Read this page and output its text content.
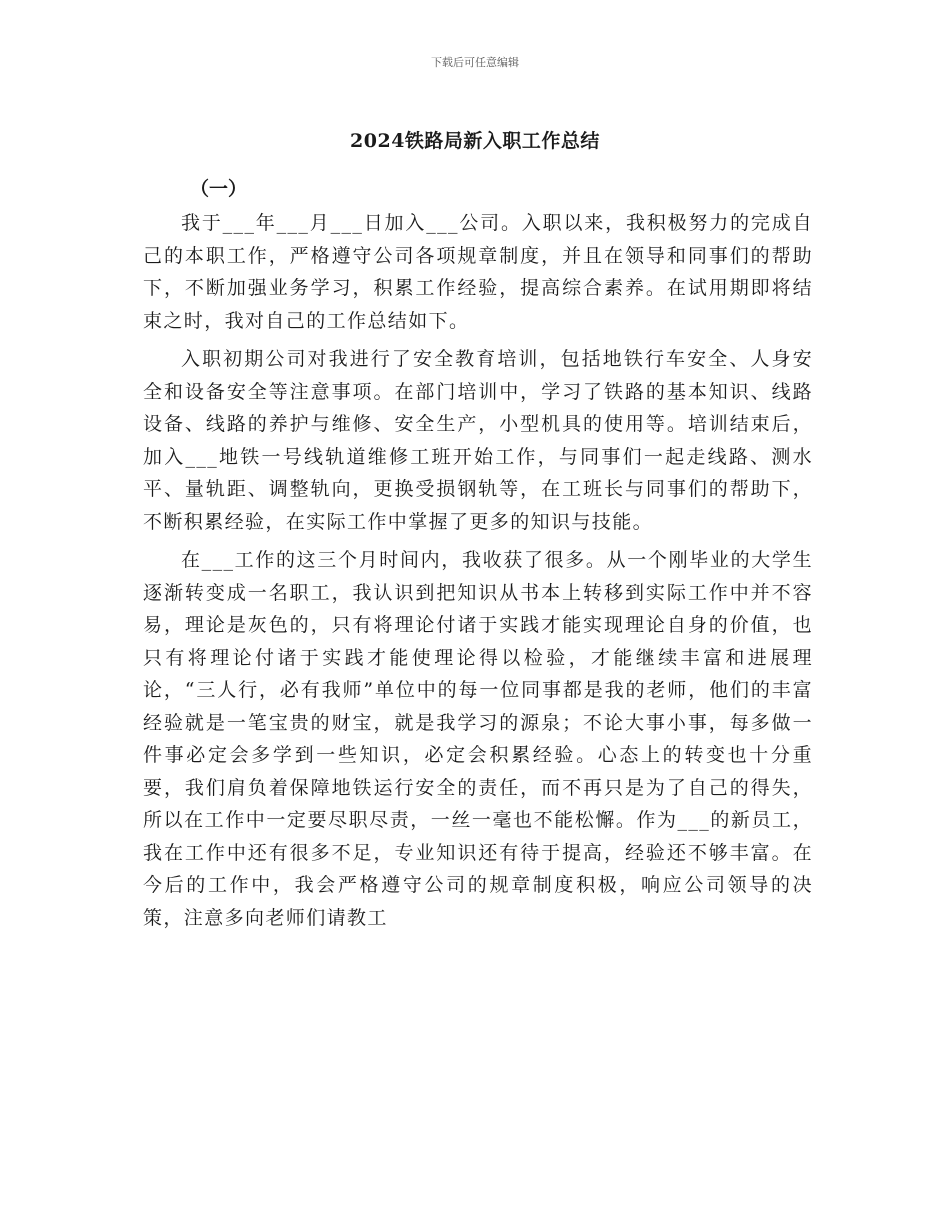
下载后可任意编辑
2024铁路局新入职工作总结
（一）

我于___年___月___日加入___公司。入职以来，我积极努力的完成自己的本职工作，严格遵守公司各项规章制度，并且在领导和同事们的帮助下，不断加强业务学习，积累工作经验，提高综合素养。在试用期即将结束之时，我对自己的工作总结如下。

入职初期公司对我进行了安全教育培训，包括地铁行车安全、人身安全和设备安全等注意事项。在部门培训中，学习了铁路的基本知识、线路设备、线路的养护与维修、安全生产，小型机具的使用等。培训结束后，加入___地铁一号线轨道维修工班开始工作，与同事们一起走线路、测水平、量轨距、调整轨向，更换受损钢轨等，在工班长与同事们的帮助下，不断积累经验，在实际工作中掌握了更多的知识与技能。

在___工作的这三个月时间内，我收获了很多。从一个刚毕业的大学生逐渐转变成一名职工，我认识到把知识从书本上转移到实际工作中并不容易，理论是灰色的，只有将理论付诸于实践才能实现理论自身的价值，也只有将理论付诸于实践才能使理论得以检验，才能继续丰富和进展理论，“三人行，必有我师”单位中的每一位同事都是我的老师，他们的丰富经验就是一笔宝贵的财宝，就是我学习的源泉；不论大事小事，每多做一件事必定会多学到一些知识，必定会积累经验。心态上的转变也十分重要，我们肩负着保障地铁运行安全的责任，而不再只是为了自己的得失，所以在工作中一定要尽职尽责，一丝一毫也不能松懈。作为___的新员工，我在工作中还有很多不足，专业知识还有待于提高，经验还不够丰富。在今后的工作中，我会严格遵守公司的规章制度积极，响应公司领导的决策，注意多向老师们请教工
